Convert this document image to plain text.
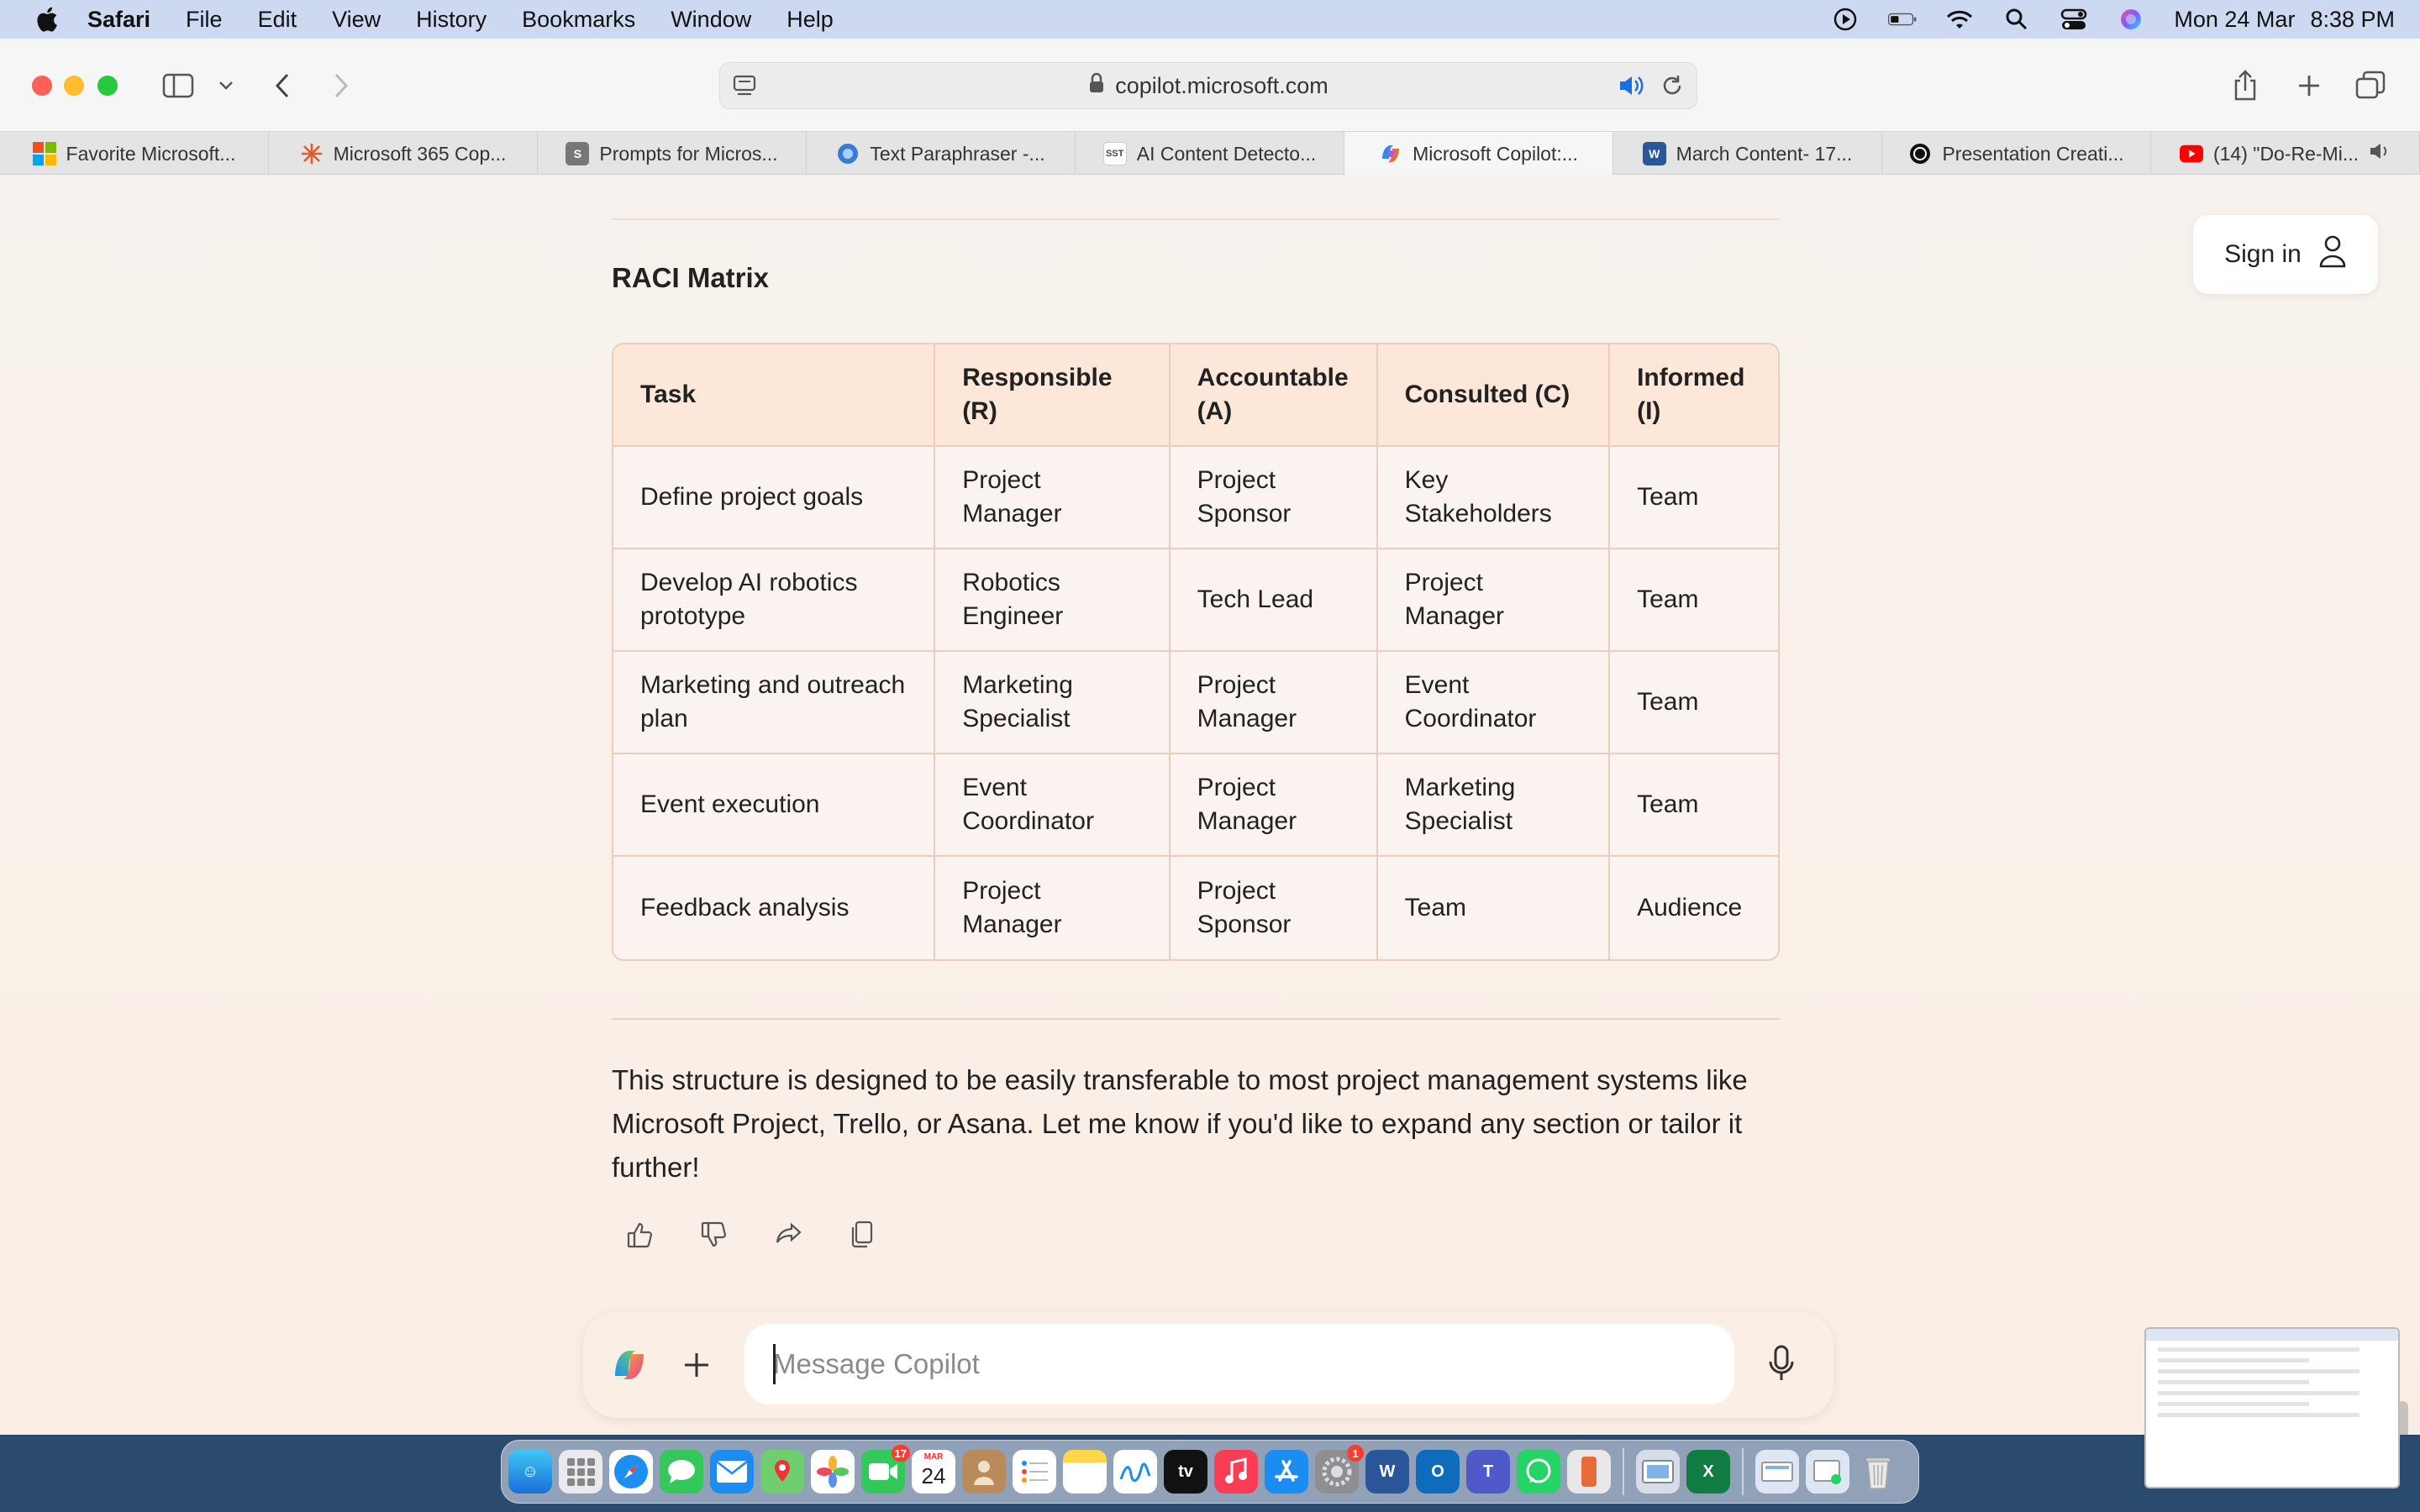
Safari File Edit View History Bookmarks Window Help	Mon 24 Mar 8:38 PM
copilot.microsoft.com
Favorite Microsoft...	Microsoft 365 Cop...	S Prompts for Micros...	Text Paraphraser -...	SST AI Content Detecto...	Microsoft Copilot:...	W March Content- 17...	Presentation Creati...	(14) "Do-Re-Mi...
Sign in
RACI Matrix
Task	Responsible (R)	Accountable (A)	Consulted (C)	Informed (I)
Define project goals	Project Manager	Project Sponsor	Key Stakeholders	Team
Develop AI robotics prototype	Robotics Engineer	Tech Lead	Project Manager	Team
Marketing and outreach plan	Marketing Specialist	Project Manager	Event Coordinator	Team
Event execution	Event Coordinator	Project Manager	Marketing Specialist	Team
Feedback analysis	Project Manager	Project Sponsor	Team	Audience

This structure is designed to be easily transferable to most project management systems like Microsoft Project, Trello, or Asana. Let me know if you'd like to expand any section or tailor it further!

Message Copilot
☺
17	MAR
24	tv
1
W	O	T	X
